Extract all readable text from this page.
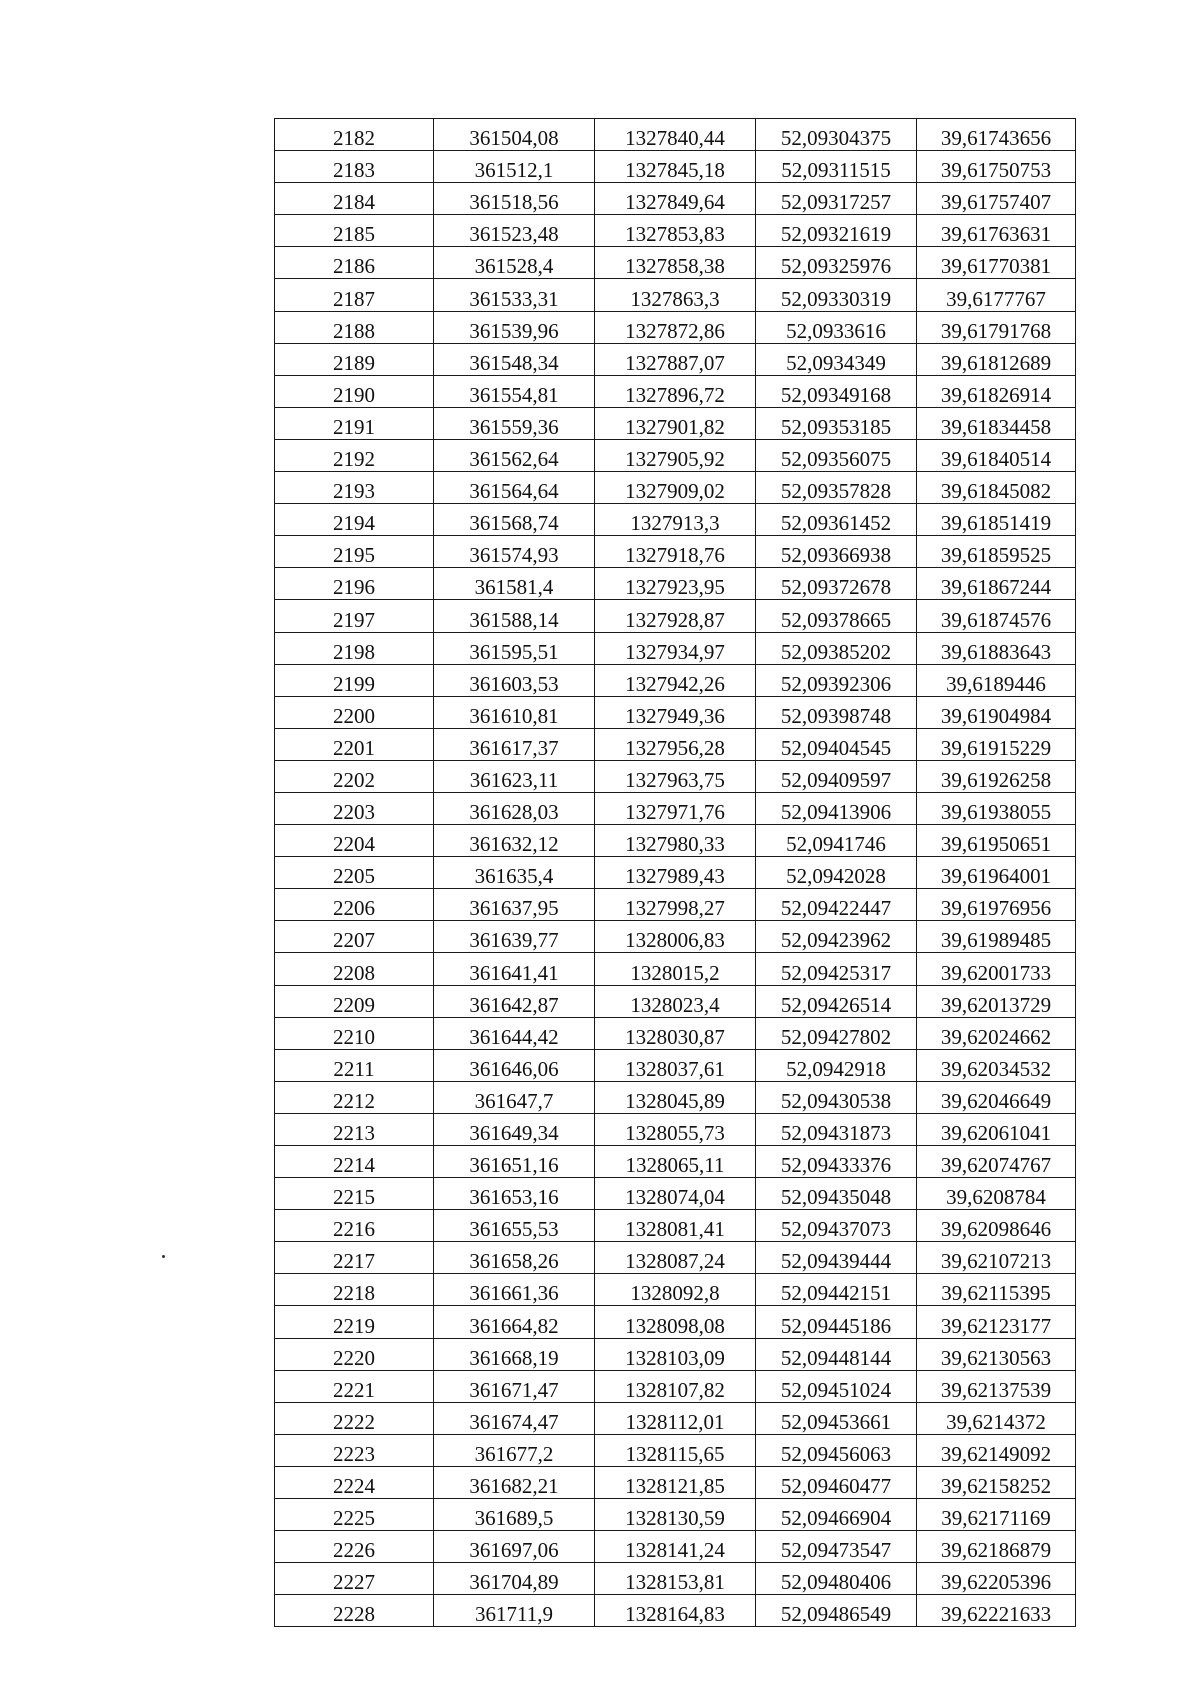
2182	361504,08	1327840,44	52,09304375	39,61743656
2183	361512,1	1327845,18	52,09311515	39,61750753
2184	361518,56	1327849,64	52,09317257	39,61757407
2185	361523,48	1327853,83	52,09321619	39,61763631
2186	361528,4	1327858,38	52,09325976	39,61770381
2187	361533,31	1327863,3	52,09330319	39,6177767
2188	361539,96	1327872,86	52,0933616	39,61791768
2189	361548,34	1327887,07	52,0934349	39,61812689
2190	361554,81	1327896,72	52,09349168	39,61826914
2191	361559,36	1327901,82	52,09353185	39,61834458
2192	361562,64	1327905,92	52,09356075	39,61840514
2193	361564,64	1327909,02	52,09357828	39,61845082
2194	361568,74	1327913,3	52,09361452	39,61851419
2195	361574,93	1327918,76	52,09366938	39,61859525
2196	361581,4	1327923,95	52,09372678	39,61867244
2197	361588,14	1327928,87	52,09378665	39,61874576
2198	361595,51	1327934,97	52,09385202	39,61883643
2199	361603,53	1327942,26	52,09392306	39,6189446
2200	361610,81	1327949,36	52,09398748	39,61904984
2201	361617,37	1327956,28	52,09404545	39,61915229
2202	361623,11	1327963,75	52,09409597	39,61926258
2203	361628,03	1327971,76	52,09413906	39,61938055
2204	361632,12	1327980,33	52,0941746	39,61950651
2205	361635,4	1327989,43	52,0942028	39,61964001
2206	361637,95	1327998,27	52,09422447	39,61976956
2207	361639,77	1328006,83	52,09423962	39,61989485
2208	361641,41	1328015,2	52,09425317	39,62001733
2209	361642,87	1328023,4	52,09426514	39,62013729
2210	361644,42	1328030,87	52,09427802	39,62024662
2211	361646,06	1328037,61	52,0942918	39,62034532
2212	361647,7	1328045,89	52,09430538	39,62046649
2213	361649,34	1328055,73	52,09431873	39,62061041
2214	361651,16	1328065,11	52,09433376	39,62074767
2215	361653,16	1328074,04	52,09435048	39,6208784
2216	361655,53	1328081,41	52,09437073	39,62098646
2217	361658,26	1328087,24	52,09439444	39,62107213
2218	361661,36	1328092,8	52,09442151	39,62115395
2219	361664,82	1328098,08	52,09445186	39,62123177
2220	361668,19	1328103,09	52,09448144	39,62130563
2221	361671,47	1328107,82	52,09451024	39,62137539
2222	361674,47	1328112,01	52,09453661	39,6214372
2223	361677,2	1328115,65	52,09456063	39,62149092
2224	361682,21	1328121,85	52,09460477	39,62158252
2225	361689,5	1328130,59	52,09466904	39,62171169
2226	361697,06	1328141,24	52,09473547	39,62186879
2227	361704,89	1328153,81	52,09480406	39,62205396
2228	361711,9	1328164,83	52,09486549	39,62221633
